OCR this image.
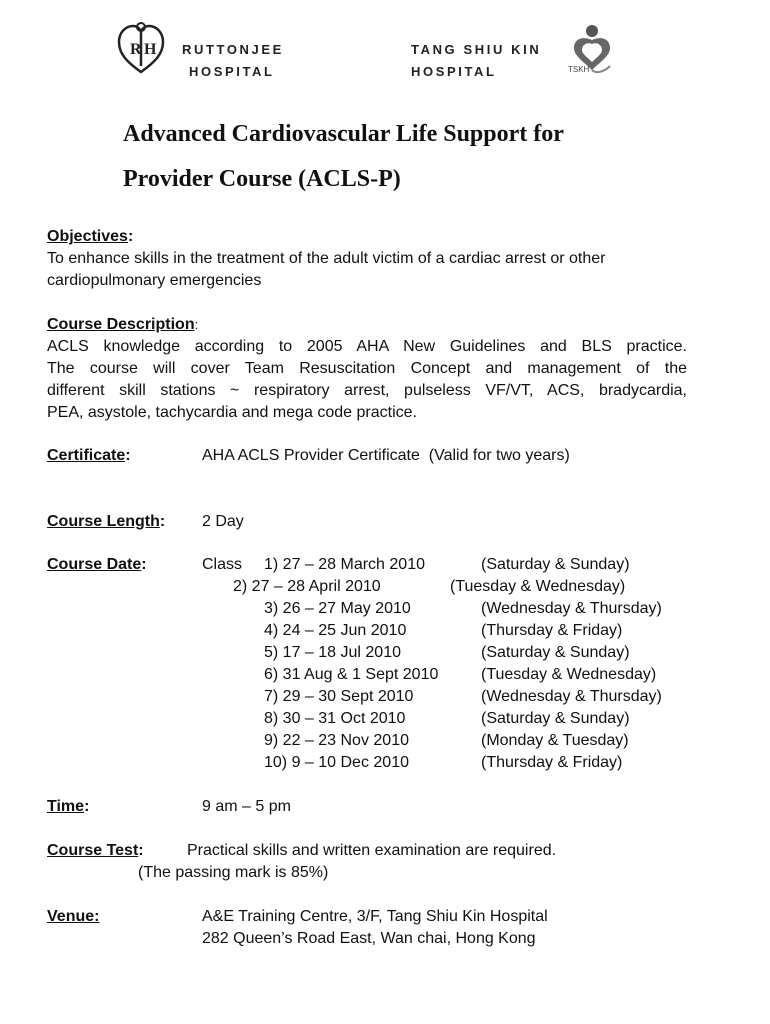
R H RUTTONJEE
HOSPITAL
TANG SHIU KIN
HOSPITAL	TSKH
Advanced Cardiovascular Life Support for
Provider Course (ACLS-P)
Objectives:
To enhance skills in the treatment of the adult victim of a cardiac arrest or other
cardiopulmonary emergencies
Course Description:
ACLS knowledge according to 2005 AHA New Guidelines and BLS practice.
The course will cover Team Resuscitation Concept and management of the
different skill stations ~ respiratory arrest, pulseless VF/VT, ACS, bradycardia,
PEA, asystole, tachycardia and mega code practice.
Certificate:	AHA ACLS Provider Certificate  (Valid for two years)
Course Length: 2 Day
Course Date:	Class 1) 27 – 28 March 2010	(Saturday & Sunday)
2) 27 – 28 April 2010	(Tuesday & Wednesday)
3) 26 – 27 May 2010	(Wednesday & Thursday)
4) 24 – 25 Jun 2010	(Thursday & Friday)
5) 17 – 18 Jul 2010	(Saturday & Sunday)
6) 31 Aug & 1 Sept 2010	(Tuesday & Wednesday)
7) 29 – 30 Sept 2010	(Wednesday & Thursday)
8) 30 – 31 Oct 2010	(Saturday & Sunday)
9) 22 – 23 Nov 2010	(Monday & Tuesday)
10) 9 – 10 Dec 2010	(Thursday & Friday)
Time:	9 am – 5 pm
Course Test:	Practical skills and written examination are required.
(The passing mark is 85%)
Venue:	A&E Training Centre, 3/F, Tang Shiu Kin Hospital
282 Queen’s Road East, Wan chai, Hong Kong
